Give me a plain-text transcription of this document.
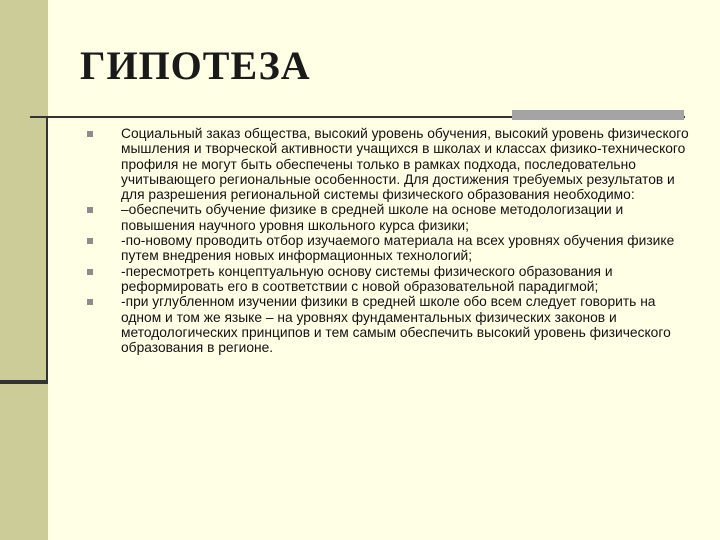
ГИПОТЕЗА
Социальный заказ общества, высокий уровень обучения, высокий уровень физического мышления и творческой активности учащихся в школах и классах физико-технического профиля не могут быть обеспечены только в рамках подхода, последовательно учитывающего региональные особенности. Для достижения требуемых результатов и для разрешения региональной системы физического образования необходимо:
–обеспечить обучение физике в средней школе на основе методологизации и повышения научного уровня школьного курса физики;
-по-новому проводить отбор изучаемого материала на всех уровнях обучения физике путем внедрения новых информационных технологий;
-пересмотреть концептуальную основу системы физического образования и реформировать его в соответствии с новой образовательной парадигмой;
-при углубленном изучении физики в средней школе обо всем следует говорить на одном и том же языке – на уровнях фундаментальных физических законов и методологических принципов и тем самым обеспечить высокий уровень физического образования в регионе.
